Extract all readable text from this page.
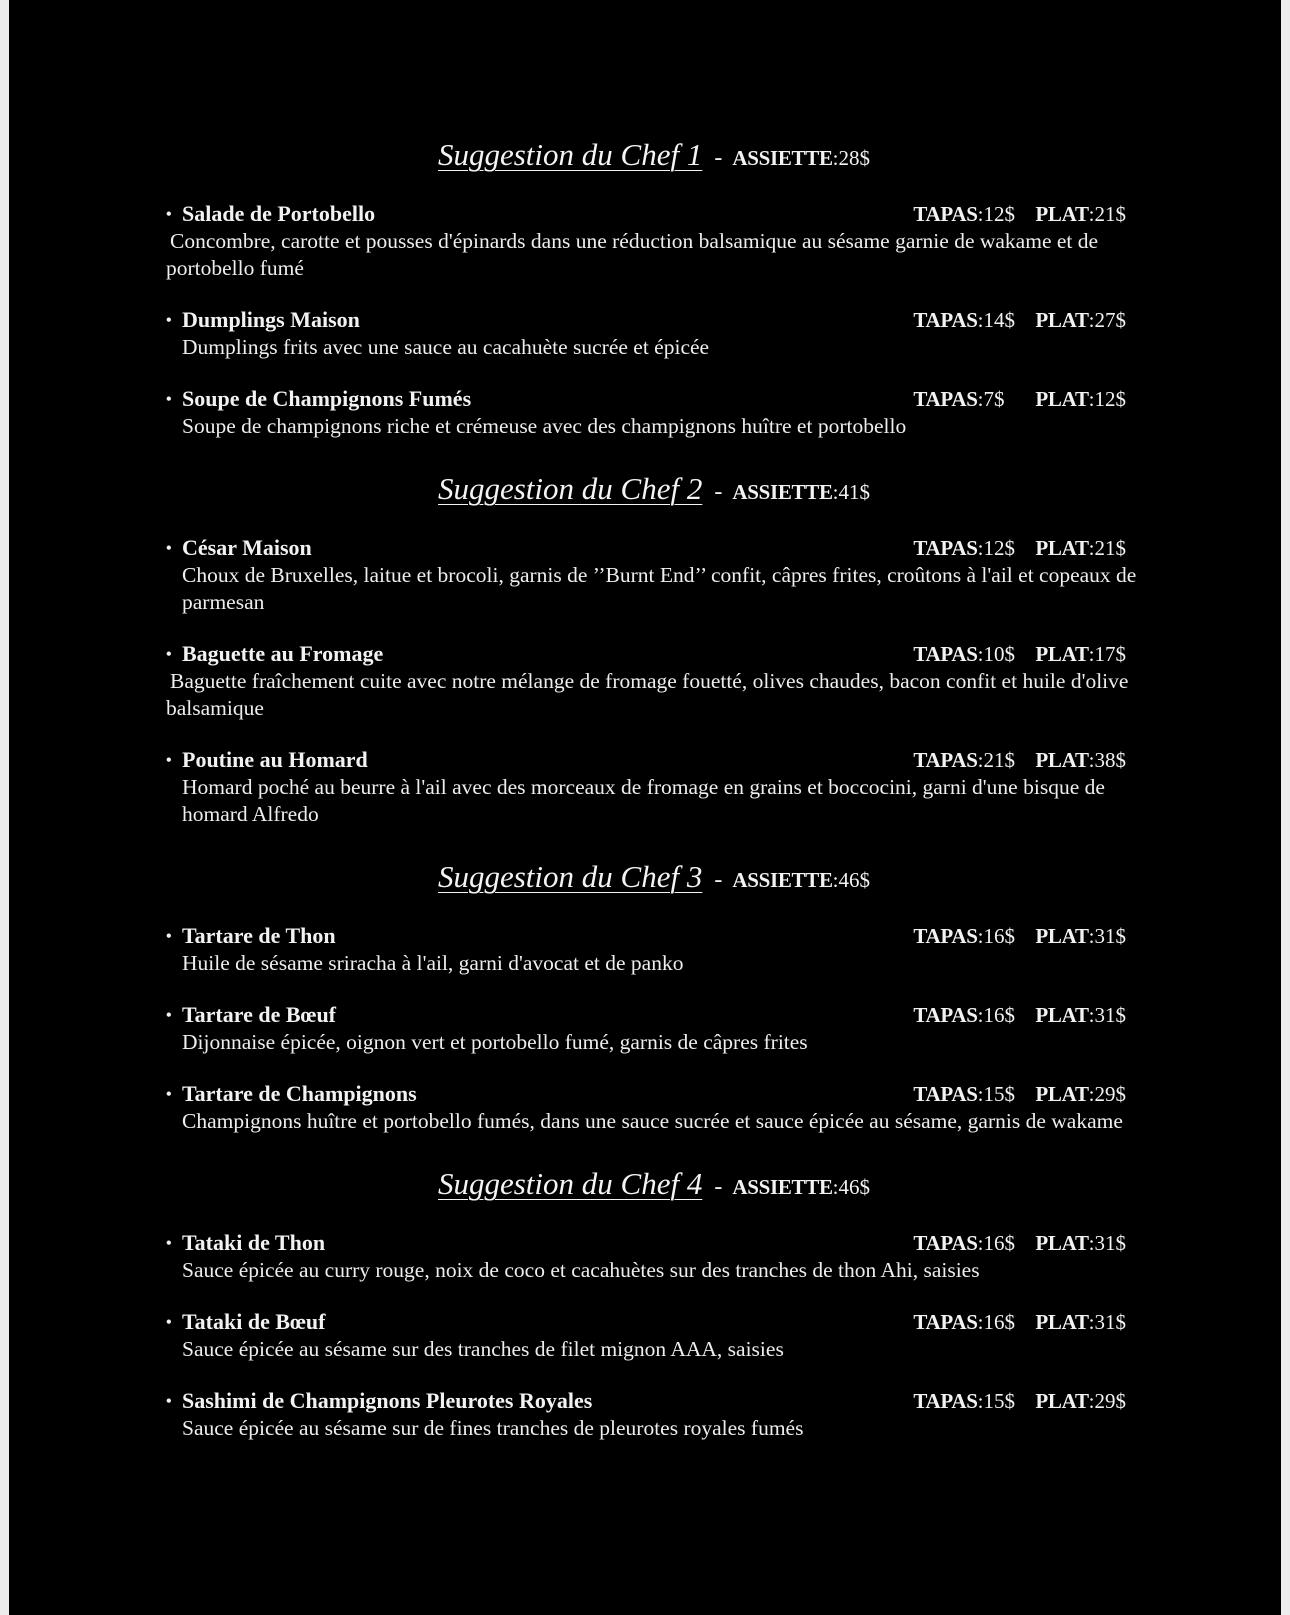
Suggestion du Chef 1 - ASSIETTE:28$
• Salade de Portobello	TAPAS:12$ PLAT:21$
Concombre, carotte et pousses d'épinards dans une réduction balsamique au sésame garnie de wakame et de portobello fumé
• Dumplings Maison	TAPAS:14$ PLAT:27$
Dumplings frits avec une sauce au cacahuète sucrée et épicée
• Soupe de Champignons Fumés	TAPAS:7$ PLAT:12$
Soupe de champignons riche et crémeuse avec des champignons huître et portobello
Suggestion du Chef 2 - ASSIETTE:41$
• César Maison	TAPAS:12$ PLAT:21$
Choux de Bruxelles, laitue et brocoli, garnis de ’’Burnt End’’ confit, câpres frites, croûtons à l'ail et copeaux de parmesan
• Baguette au Fromage	TAPAS:10$ PLAT:17$
Baguette fraîchement cuite avec notre mélange de fromage fouetté, olives chaudes, bacon confit et huile d'olive balsamique
• Poutine au Homard	TAPAS:21$ PLAT:38$
Homard poché au beurre à l'ail avec des morceaux de fromage en grains et boccocini, garni d'une bisque de homard Alfredo
Suggestion du Chef 3 - ASSIETTE:46$
• Tartare de Thon	TAPAS:16$ PLAT:31$
Huile de sésame sriracha à l'ail, garni d'avocat et de panko
• Tartare de Bœuf	TAPAS:16$ PLAT:31$
Dijonnaise épicée, oignon vert et portobello fumé, garnis de câpres frites
• Tartare de Champignons	TAPAS:15$ PLAT:29$
Champignons huître et portobello fumés, dans une sauce sucrée et sauce épicée au sésame, garnis de wakame
Suggestion du Chef 4 - ASSIETTE:46$
• Tataki de Thon	TAPAS:16$ PLAT:31$
Sauce épicée au curry rouge, noix de coco et cacahuètes sur des tranches de thon Ahi, saisies
• Tataki de Bœuf	TAPAS:16$ PLAT:31$
Sauce épicée au sésame sur des tranches de filet mignon AAA, saisies
• Sashimi de Champignons Pleurotes Royales	TAPAS:15$ PLAT:29$
Sauce épicée au sésame sur de fines tranches de pleurotes royales fumés
